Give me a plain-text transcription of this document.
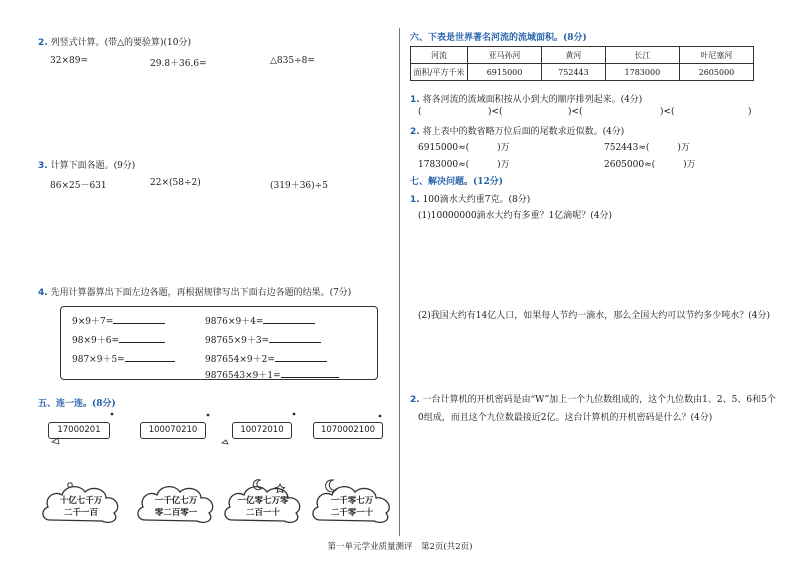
2. 列竖式计算。(带△的要验算)(10分)
32×89=	29.8＋36.6=	△835÷8=
3. 计算下面各题。(9分)
86×25－631	22×(58÷2)	(319＋36)÷5
4. 先用计算器算出下面左边各题，再根据规律写出下面右边各题的结果。(7分)
9×9＋7=
98×9＋6=
987×9＋5=
9876×9＋4=
98765×9＋3=
987654×9＋2=
9876543×9＋1=
五、连一连。(8分)
17000201	100070210	10072010	1070002100
十亿七千万
二千一百
一千亿七万
零二百零一
一亿零七万零
二百一十
一千零七万
二千零一十
六、下表是世界著名河流的流域面积。(8分)
河流	亚马孙河	黄河	长江	叶尼塞河
面积/平方千米	6915000	752443	1783000	2605000
1. 将各河流的流域面积按从小到大的顺序排列起来。(4分)
(	)<(	)<(	)<(	)
2. 将上表中的数省略万位后面的尾数求近似数。(4分)
6915000≈(	)万	752443≈(	)万
1783000≈(	)万	2605000≈(	)万
七、解决问题。(12分)
1. 100滴水大约重7克。(8分)
(1)10000000滴水大约有多重？1亿滴呢？(4分)
(2)我国大约有14亿人口，如果每人节约一滴水，那么全国大约可以节约多少吨水？(4分)
2. 一台计算机的开机密码是由“W”加上一个九位数组成的，这个九位数由1、2、5、6和5个
0组成，而且这个九位数最接近2亿。这台计算机的开机密码是什么？(4分)
第一单元学业质量测评　第2页(共2页)
